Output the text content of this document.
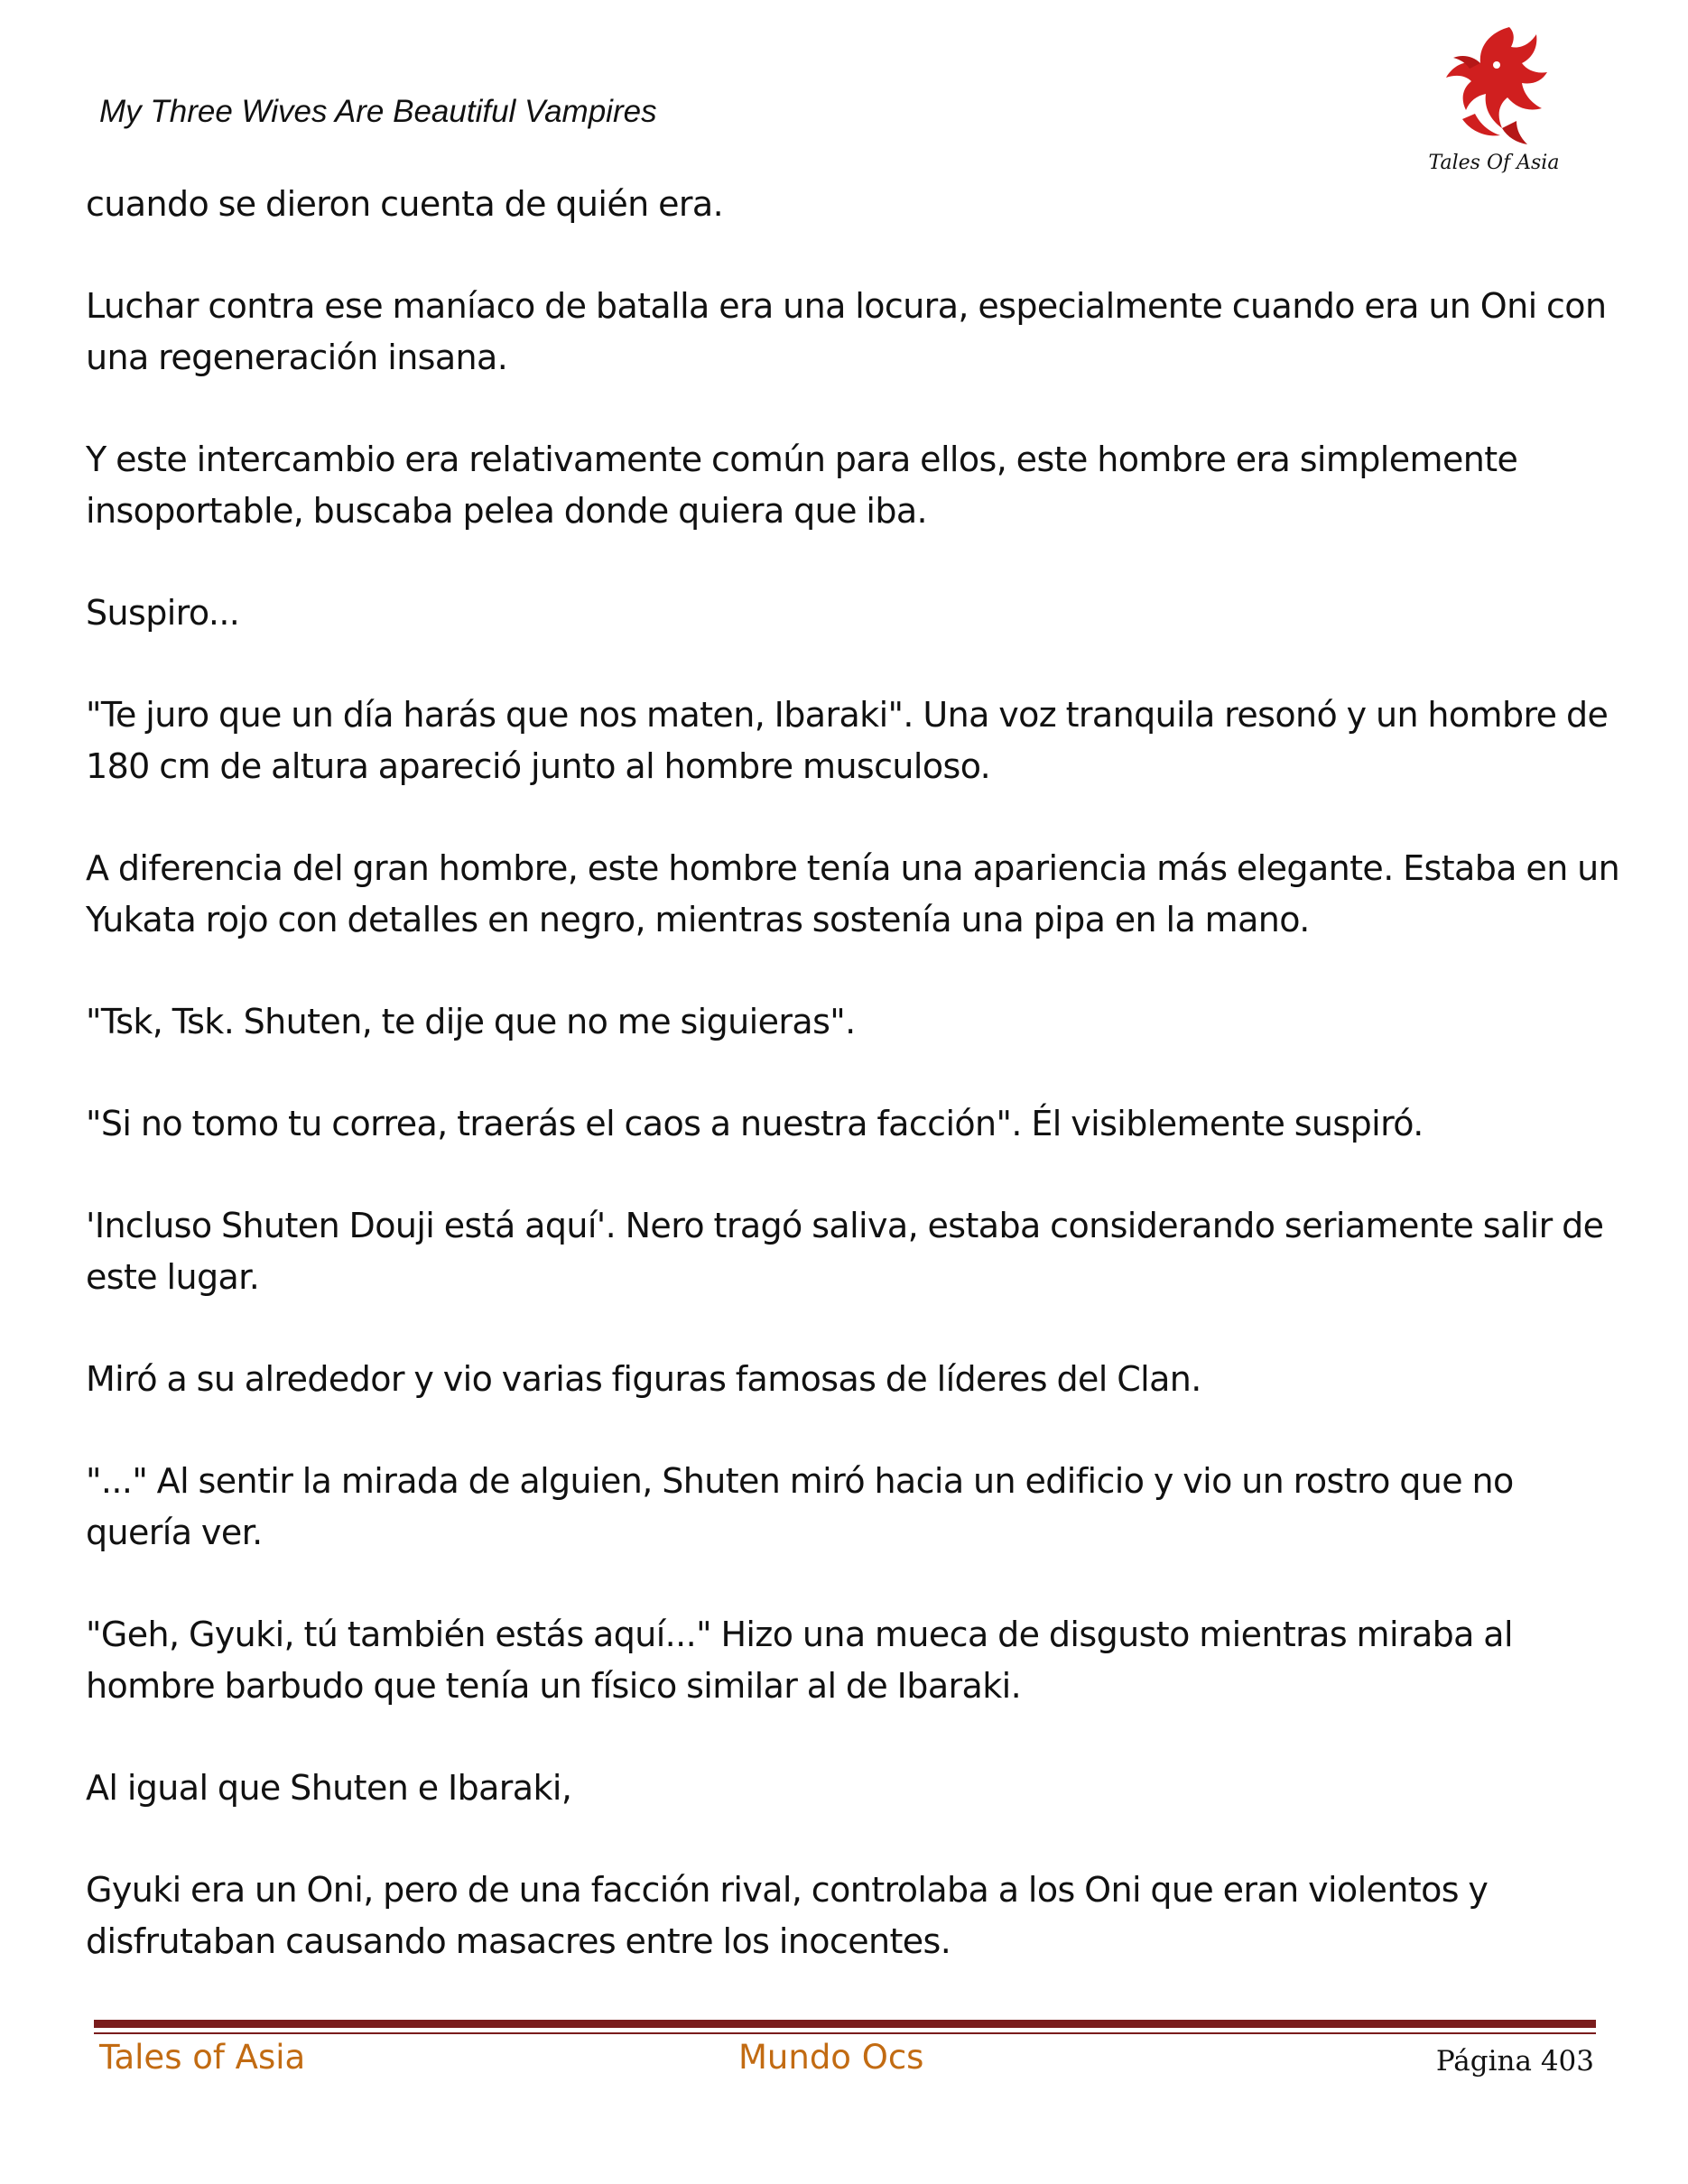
My Three Wives Are Beautiful Vampires
Tales Of Asia

cuando se dieron cuenta de quién era.

Luchar contra ese maníaco de batalla era una locura, especialmente cuando era un Oni con una regeneración insana.

Y este intercambio era relativamente común para ellos, este hombre era simplemente insoportable, buscaba pelea donde quiera que iba.

Suspiro...

"Te juro que un día harás que nos maten, Ibaraki". Una voz tranquila resonó y un hombre de 180 cm de altura apareció junto al hombre musculoso.

A diferencia del gran hombre, este hombre tenía una apariencia más elegante. Estaba en un Yukata rojo con detalles en negro, mientras sostenía una pipa en la mano.

"Tsk, Tsk. Shuten, te dije que no me siguieras".

"Si no tomo tu correa, traerás el caos a nuestra facción". Él visiblemente suspiró.

'Incluso Shuten Douji está aquí'. Nero tragó saliva, estaba considerando seriamente salir de este lugar.

Miró a su alrededor y vio varias figuras famosas de líderes del Clan.

"..." Al sentir la mirada de alguien, Shuten miró hacia un edificio y vio un rostro que no quería ver.

"Geh, Gyuki, tú también estás aquí..." Hizo una mueca de disgusto mientras miraba al hombre barbudo que tenía un físico similar al de Ibaraki.

Al igual que Shuten e Ibaraki,

Gyuki era un Oni, pero de una facción rival, controlaba a los Oni que eran violentos y disfrutaban causando masacres entre los inocentes.

Tales of Asia	Mundo Ocs	Página 403
